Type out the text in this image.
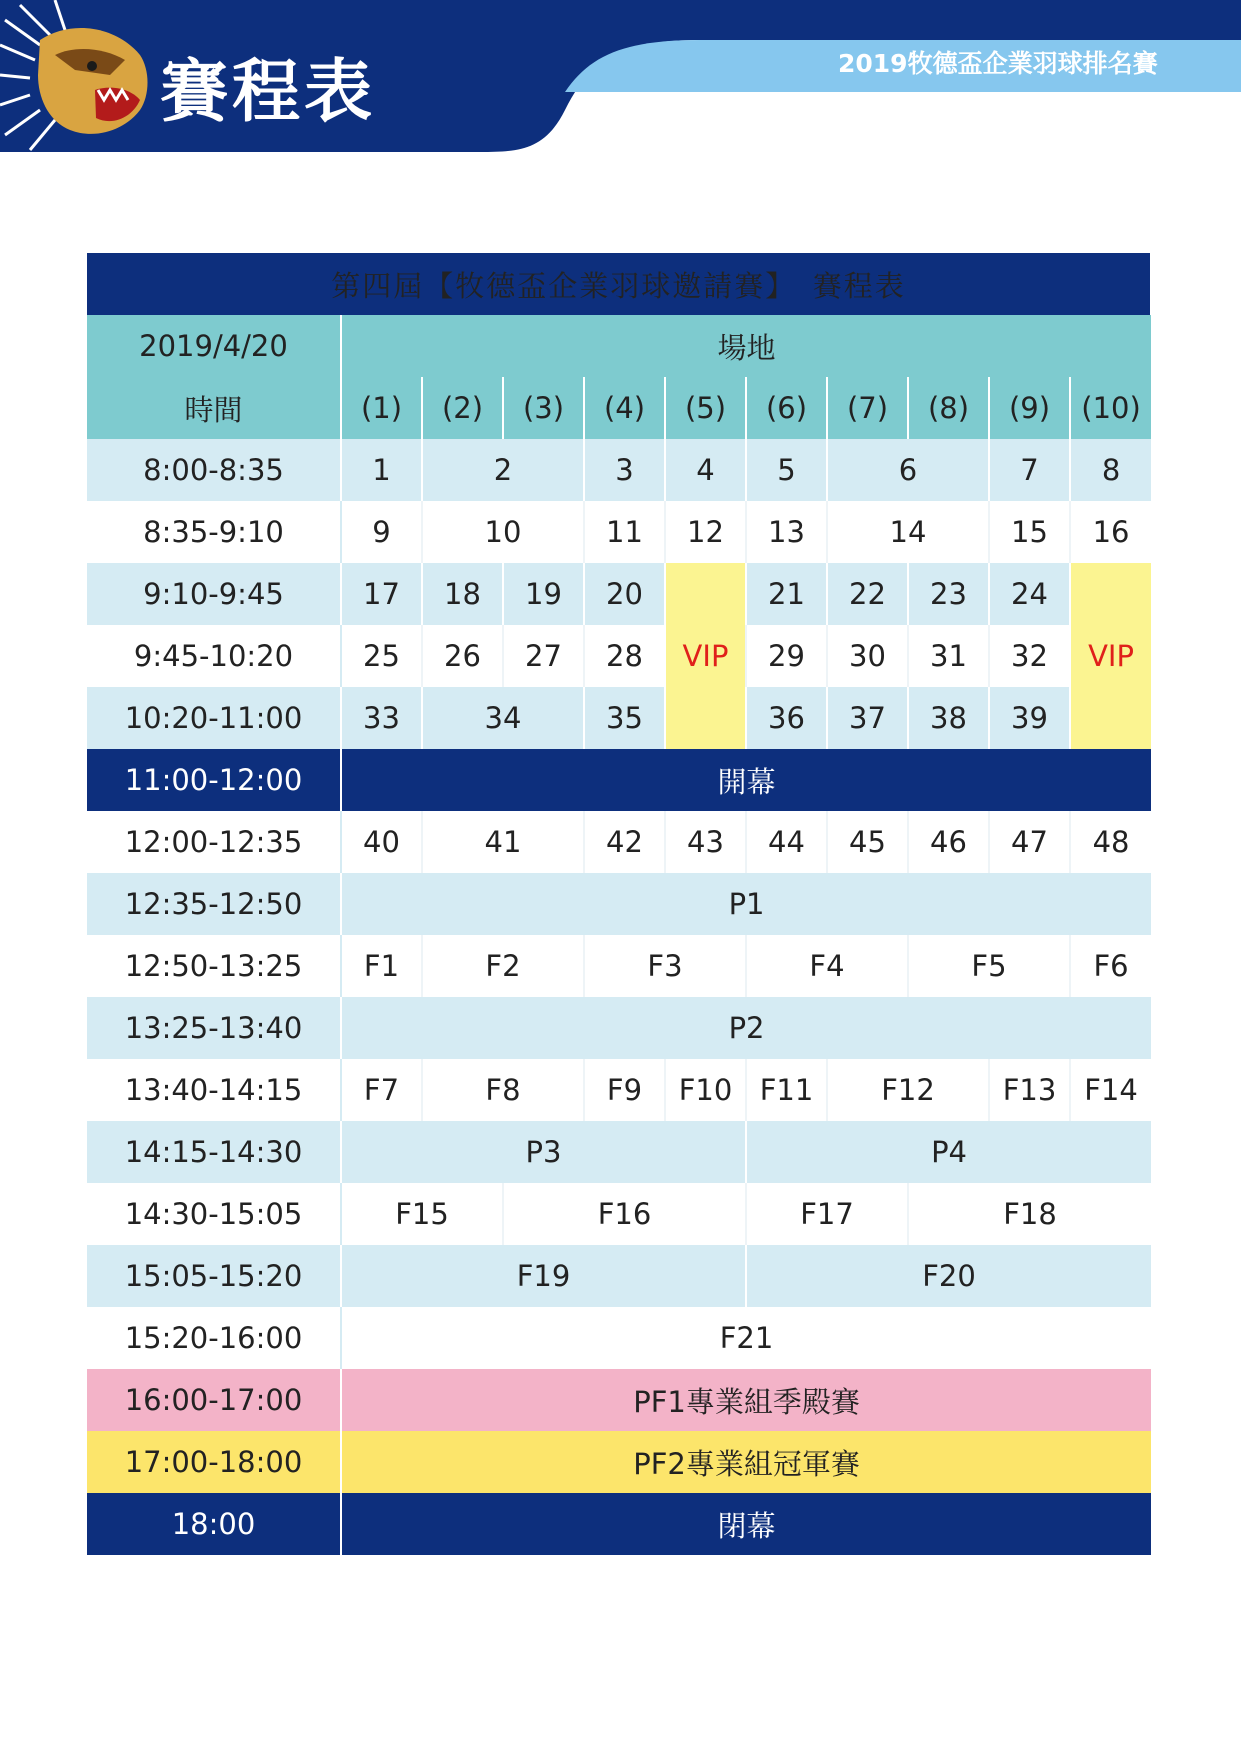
賽程表	2019牧德盃企業羽球排名賽
第四屆【牧德盃企業羽球邀請賽】　賽程表										
2019/4/20	場地									
時間	(1)	(2)	(3)	(4)	(5)	(6)	(7)	(8)	(9)	(10)
8:00-8:35	1	2		3	4	5	6		7	8
8:35-9:10	9	10		11	12	13	14		15	16
9:10-9:45	17	18	19	20	VIP	21	22	23	24	VIP
9:45-10:20	25	26	27	28		29	30	31	32	
10:20-11:00	33	34		35		36	37	38	39	
11:00-12:00	開幕									
12:00-12:35	40	41		42	43	44	45	46	47	48
12:35-12:50	P1									
12:50-13:25	F1	F2		F3		F4		F5		F6
13:25-13:40	P2									
13:40-14:15	F7	F8		F9	F10	F11	F12		F13	F14
14:15-14:30	P3					P4				
14:30-15:05	F15		F16			F17		F18		
15:05-15:20	F19					F20				
15:20-16:00	F21									
16:00-17:00	PF1專業組季殿賽									
17:00-18:00	PF2專業組冠軍賽									
18:00	閉幕									
